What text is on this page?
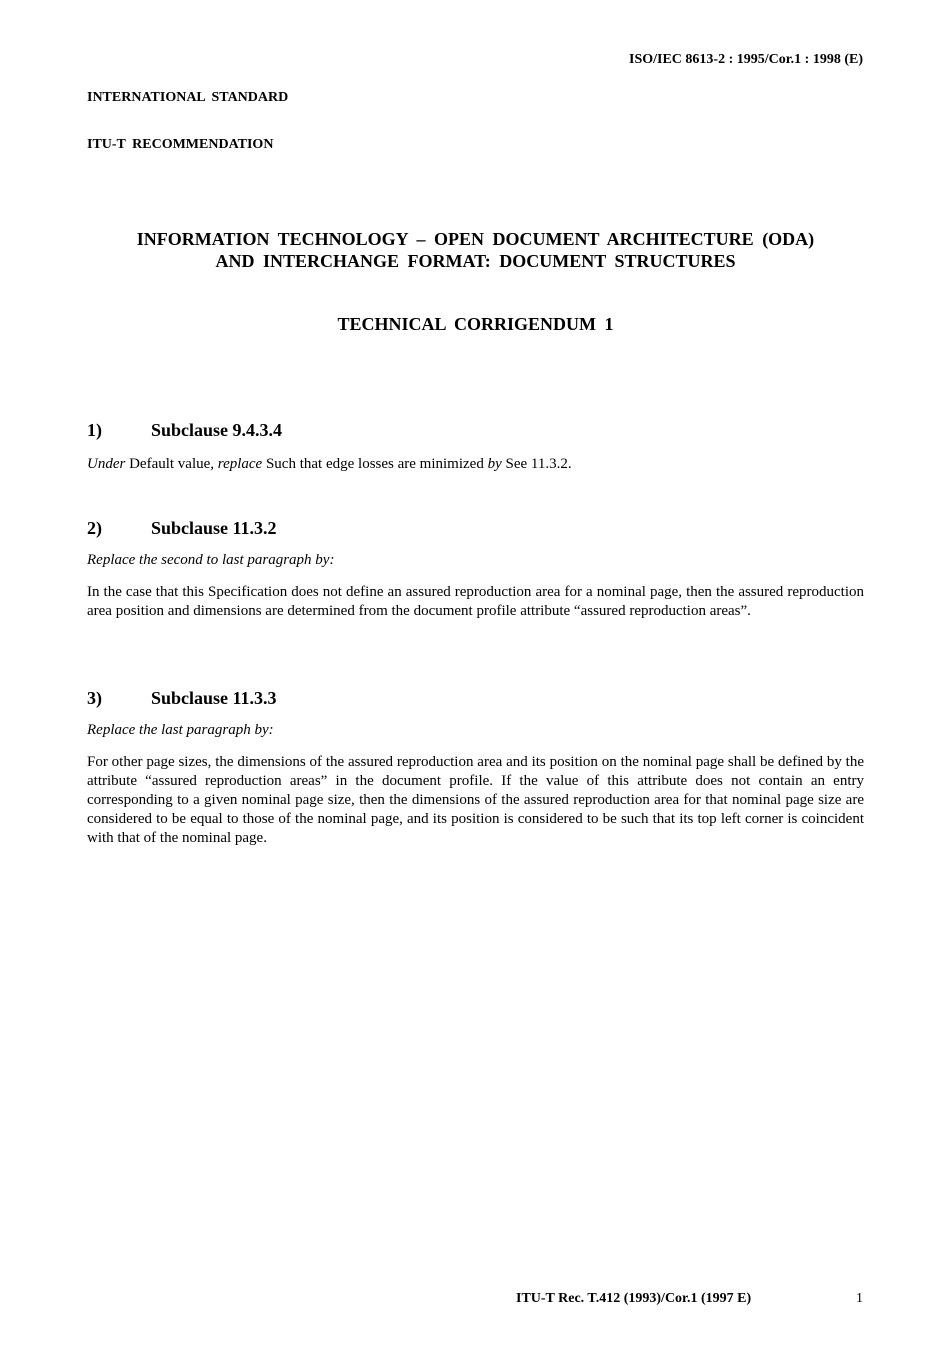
ISO/IEC 8613-2 : 1995/Cor.1 : 1998 (E)
INTERNATIONAL STANDARD
ITU-T RECOMMENDATION
INFORMATION TECHNOLOGY – OPEN DOCUMENT ARCHITECTURE (ODA)
AND INTERCHANGE FORMAT: DOCUMENT STRUCTURES
TECHNICAL CORRIGENDUM 1
1)	Subclause 9.4.3.4
Under Default value, replace Such that edge losses are minimized by See 11.3.2.
2)	Subclause 11.3.2
Replace the second to last paragraph by:
In the case that this Specification does not define an assured reproduction area for a nominal page, then the assured reproduction area position and dimensions are determined from the document profile attribute “assured reproduction areas”.
3)	Subclause 11.3.3
Replace the last paragraph by:
For other page sizes, the dimensions of the assured reproduction area and its position on the nominal page shall be defined by the attribute “assured reproduction areas” in the document profile. If the value of this attribute does not contain an entry corresponding to a given nominal page size, then the dimensions of the assured reproduction area for that nominal page size are considered to be equal to those of the nominal page, and its position is considered to be such that its top left corner is coincident with that of the nominal page.
ITU-T Rec. T.412 (1993)/Cor.1 (1997 E)	1
